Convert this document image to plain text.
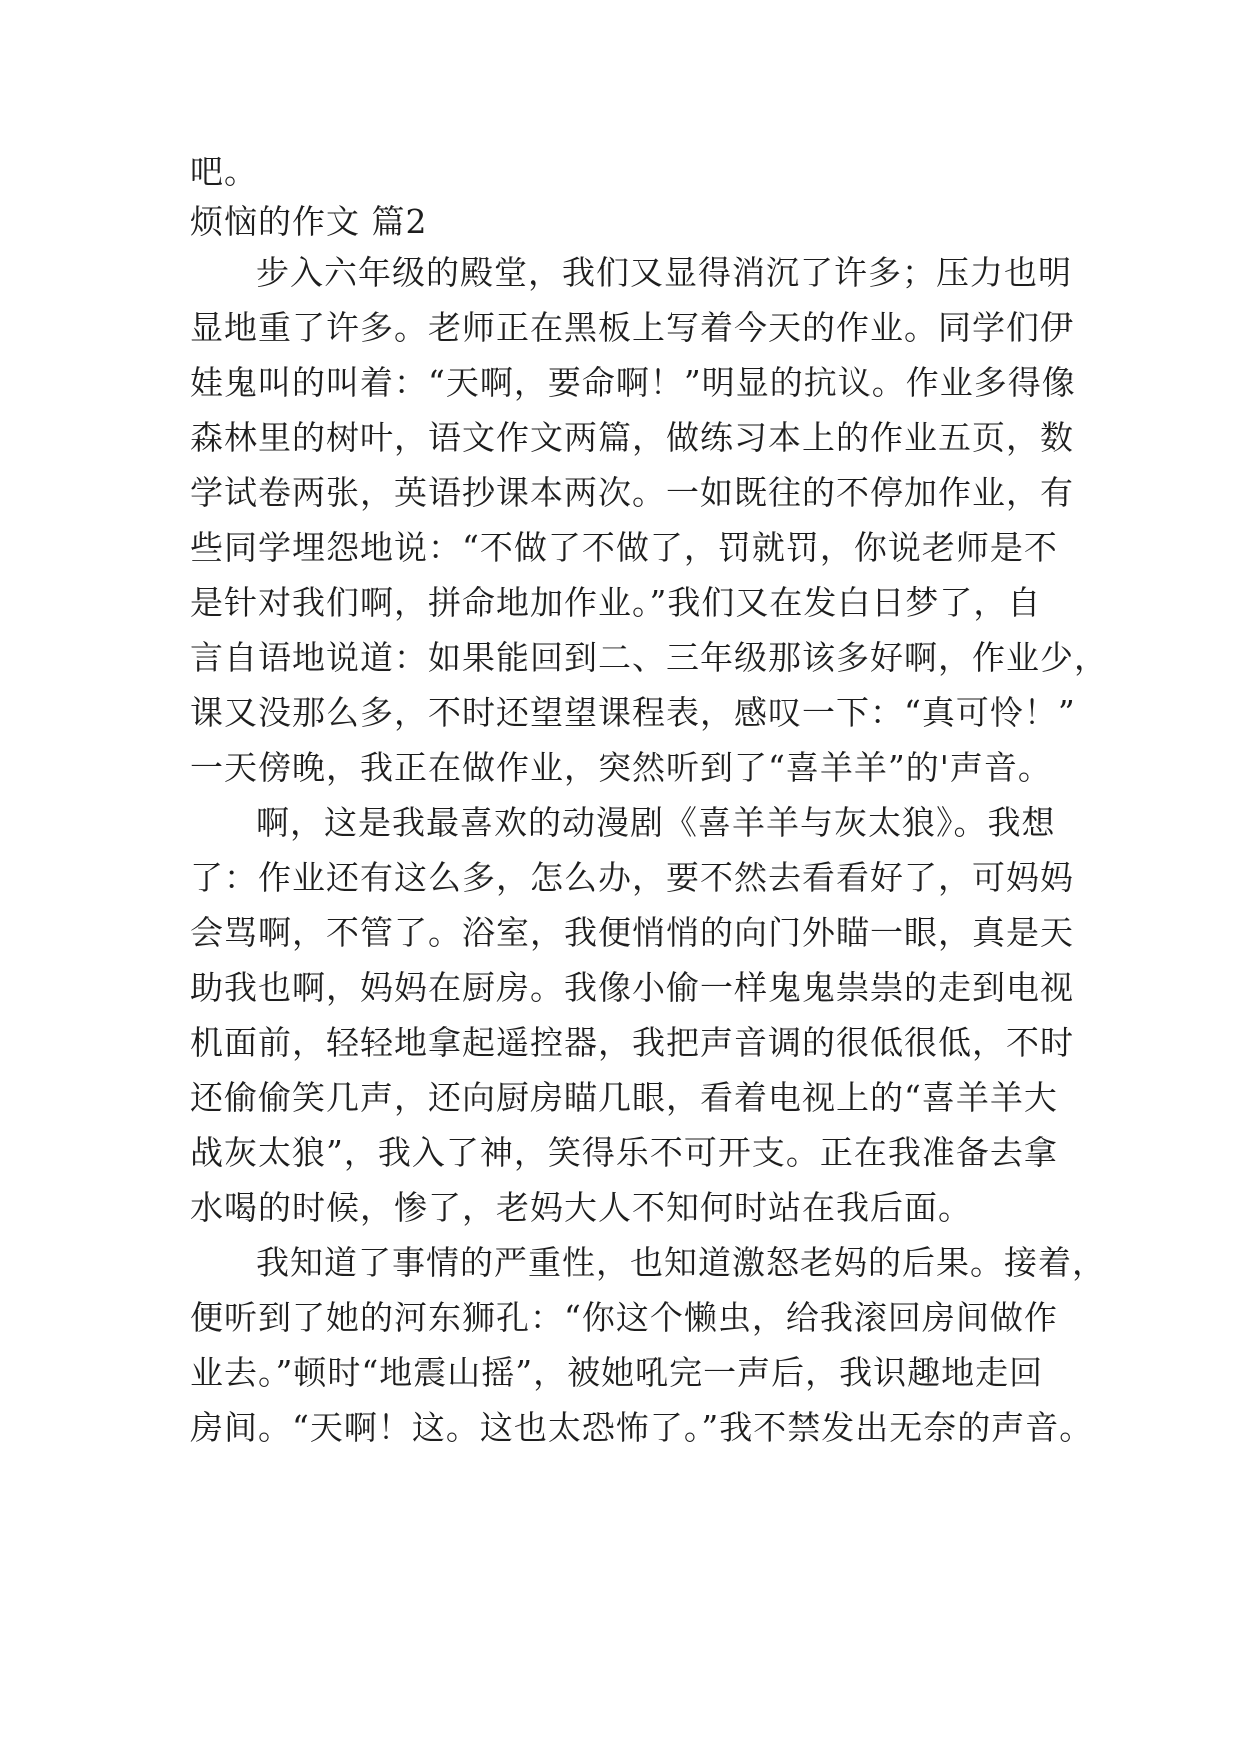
吧。
烦恼的作文 篇2
步入六年级的殿堂，我们又显得消沉了许多；压力也明
显地重了许多。老师正在黑板上写着今天的作业。同学们伊
娃鬼叫的叫着：“天啊，要命啊！”明显的抗议。作业多得像
森林里的树叶，语文作文两篇，做练习本上的作业五页，数
学试卷两张，英语抄课本两次。一如既往的不停加作业，有
些同学埋怨地说：“不做了不做了，罚就罚，你说老师是不
是针对我们啊，拼命地加作业。”我们又在发白日梦了，自
言自语地说道：如果能回到二、三年级那该多好啊，作业少，
课又没那么多，不时还望望课程表，感叹一下：“真可怜！”
一天傍晚，我正在做作业，突然听到了“喜羊羊”的'声音。
啊，这是我最喜欢的动漫剧《喜羊羊与灰太狼》。我想
了：作业还有这么多，怎么办，要不然去看看好了，可妈妈
会骂啊，不管了。浴室，我便悄悄的向门外瞄一眼，真是天
助我也啊，妈妈在厨房。我像小偷一样鬼鬼祟祟的走到电视
机面前，轻轻地拿起遥控器，我把声音调的很低很低，不时
还偷偷笑几声，还向厨房瞄几眼，看着电视上的“喜羊羊大
战灰太狼”，我入了神，笑得乐不可开支。正在我准备去拿
水喝的时候，惨了，老妈大人不知何时站在我后面。
我知道了事情的严重性，也知道激怒老妈的后果。接着，
便听到了她的河东狮孔：“你这个懒虫，给我滚回房间做作
业去。”顿时“地震山摇”，被她吼完一声后，我识趣地走回
房间。“天啊！这。这也太恐怖了。”我不禁发出无奈的声音。
